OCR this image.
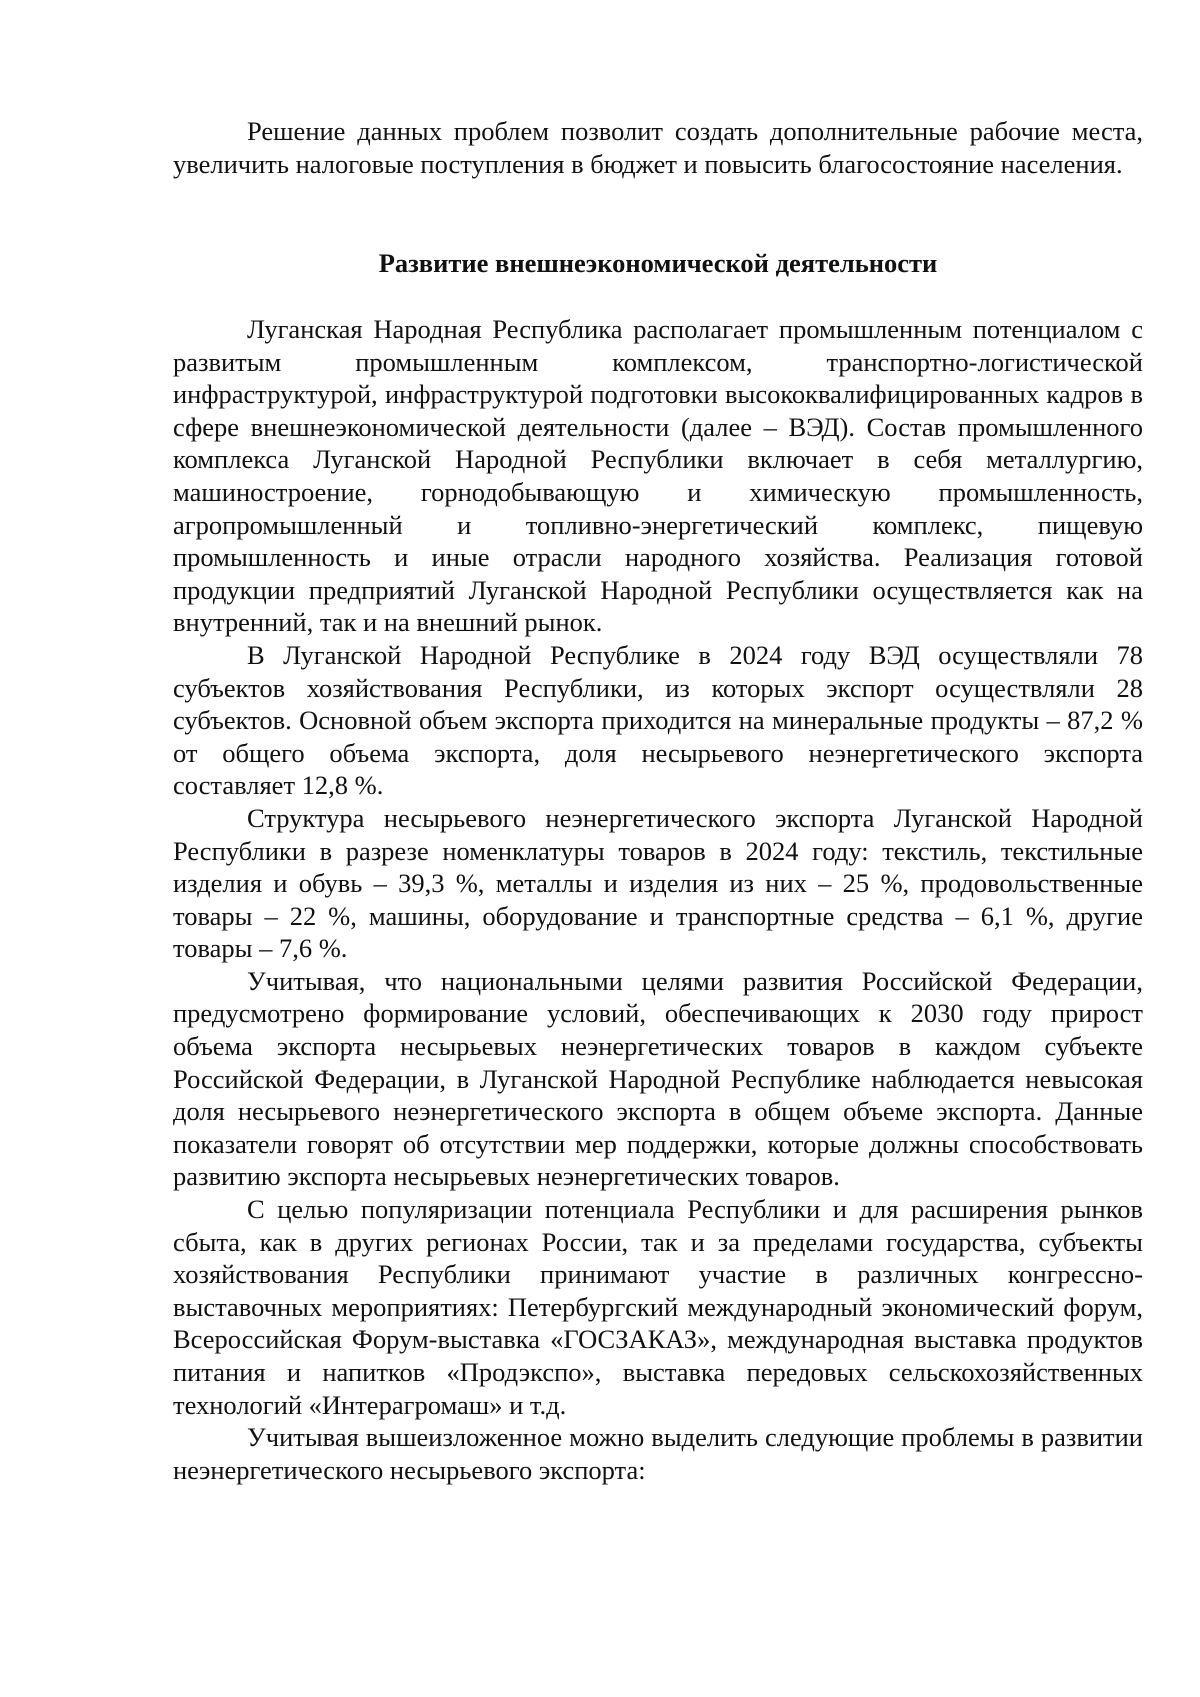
Решение данных проблем позволит создать дополнительные рабочие места, увеличить налоговые поступления в бюджет и повысить благосостояние населения.

Развитие внешнеэкономической деятельности

Луганская Народная Республика располагает промышленным потенциалом с развитым промышленным комплексом, транспортно-логистической инфраструктурой, инфраструктурой подготовки высококвалифицированных кадров в сфере внешнеэкономической деятельности (далее – ВЭД). Состав промышленного комплекса Луганской Народной Республики включает в себя металлургию, машиностроение, горнодобывающую и химическую промышленность, агропромышленный и топливно-энергетический комплекс, пищевую промышленность и иные отрасли народного хозяйства. Реализация готовой продукции предприятий Луганской Народной Республики осуществляется как на внутренний, так и на внешний рынок.

В Луганской Народной Республике в 2024 году ВЭД осуществляли 78 субъектов хозяйствования Республики, из которых экспорт осуществляли 28 субъектов. Основной объем экспорта приходится на минеральные продукты – 87,2 % от общего объема экспорта, доля несырьевого неэнергетического экспорта составляет 12,8 %.

Структура несырьевого неэнергетического экспорта Луганской Народной Республики в разрезе номенклатуры товаров в 2024 году: текстиль, текстильные изделия и обувь – 39,3 %, металлы и изделия из них – 25 %, продовольственные товары – 22 %, машины, оборудование и транспортные средства – 6,1 %, другие товары – 7,6 %.

Учитывая, что национальными целями развития Российской Федерации, предусмотрено формирование условий, обеспечивающих к 2030 году прирост объема экспорта несырьевых неэнергетических товаров в каждом субъекте Российской Федерации, в Луганской Народной Республике наблюдается невысокая доля несырьевого неэнергетического экспорта в общем объеме экспорта. Данные показатели говорят об отсутствии мер поддержки, которые должны способствовать развитию экспорта несырьевых неэнергетических товаров.

С целью популяризации потенциала Республики и для расширения рынков сбыта, как в других регионах России, так и за пределами государства, субъекты хозяйствования Республики принимают участие в различных конгрессно-выставочных мероприятиях: Петербургский международный экономический форум, Всероссийская Форум-выставка «ГОСЗАКАЗ», международная выставка продуктов питания и напитков «Продэкспо», выставка передовых сельскохозяйственных технологий «Интерагромаш» и т.д.

Учитывая вышеизложенное можно выделить следующие проблемы в развитии неэнергетического несырьевого экспорта:
